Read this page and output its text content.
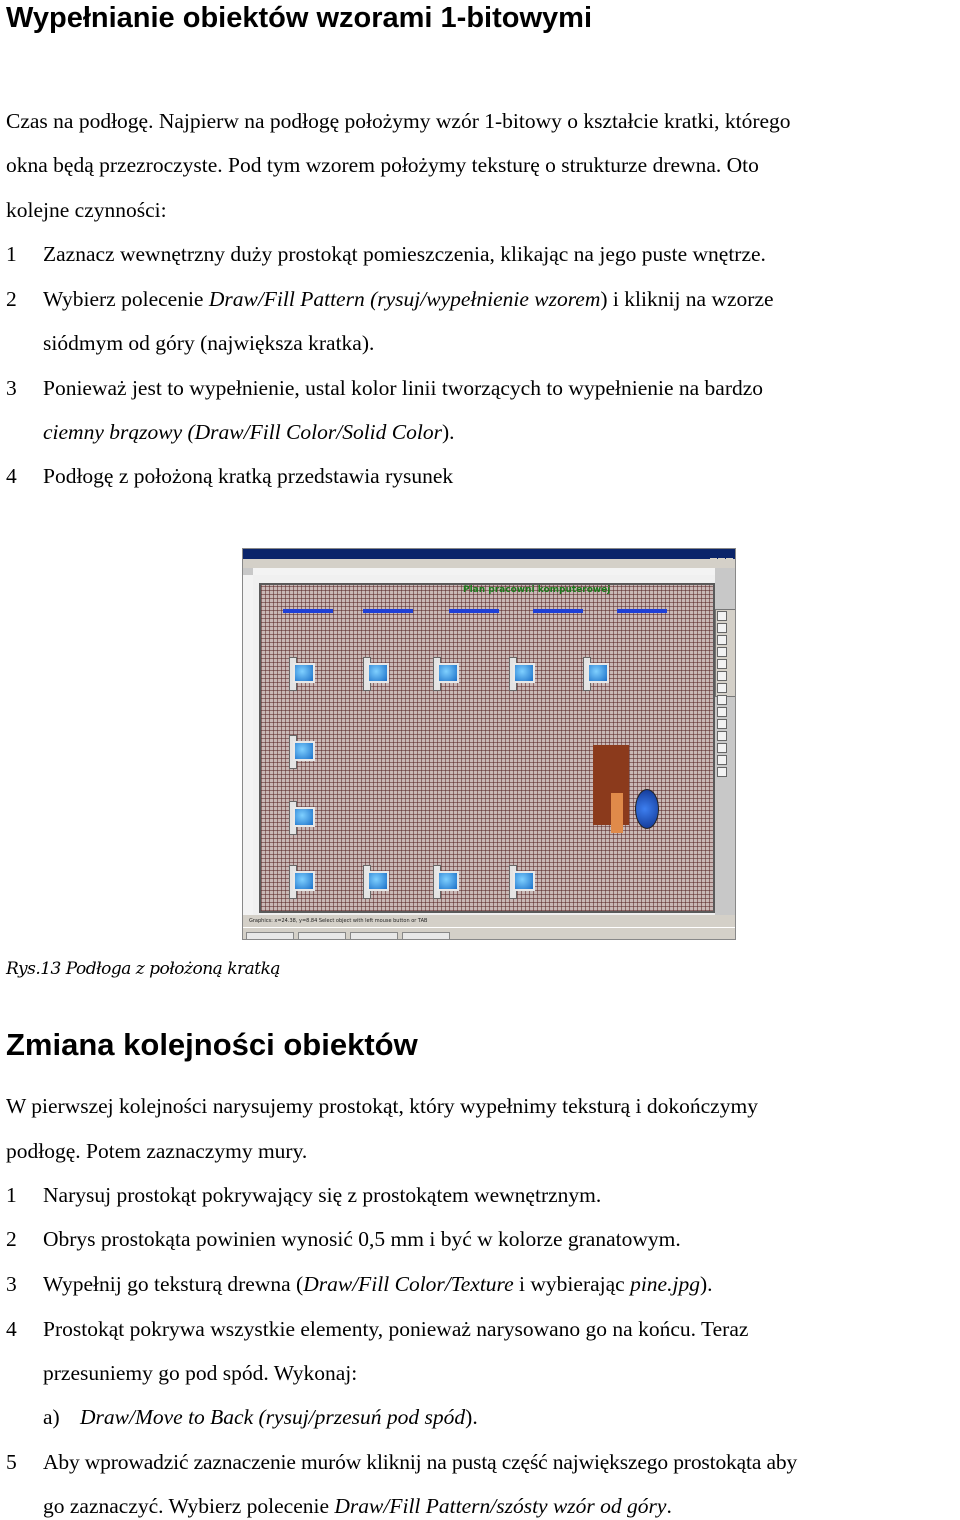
Wypełnianie obiektów wzorami 1-bitowymi
Czas na podłogę. Najpierw na podłogę położymy wzór 1-bitowy o kształcie kratki, którego
okna będą przezroczyste. Pod tym wzorem położymy teksturę o strukturze drewna. Oto
kolejne czynności:
1 Zaznacz wewnętrzny duży prostokąt pomieszczenia, klikając na jego puste wnętrze.
2 Wybierz polecenie Draw/Fill Pattern (rysuj/wypełnienie wzorem) i kliknij na wzorze
siódmym od góry (największa kratka).
3 Ponieważ jest to wypełnienie, ustal kolor linii tworzących to wypełnienie na bardzo
ciemny brązowy (Draw/Fill Color/Solid Color).
4 Podłogę z położoną kratką przedstawia rysunek
Plan pracowni komputerowej
Graphics: x=24.38, y=8.84 Select object with left mouse button or TAB
Rys.13 Podłoga z położoną kratką
Zmiana kolejności obiektów
W pierwszej kolejności narysujemy prostokąt, który wypełnimy teksturą i dokończymy
podłogę. Potem zaznaczymy mury.
1 Narysuj prostokąt pokrywający się z prostokątem wewnętrznym.
2 Obrys prostokąta powinien wynosić 0,5 mm i być w kolorze granatowym.
3 Wypełnij go teksturą drewna (Draw/Fill Color/Texture i wybierając pine.jpg).
4 Prostokąt pokrywa wszystkie elementy, ponieważ narysowano go na końcu. Teraz
przesuniemy go pod spód. Wykonaj:
a) Draw/Move to Back (rysuj/przesuń pod spód).
5 Aby wprowadzić zaznaczenie murów kliknij na pustą część największego prostokąta aby
go zaznaczyć. Wybierz polecenie Draw/Fill Pattern/szósty wzór od góry.
